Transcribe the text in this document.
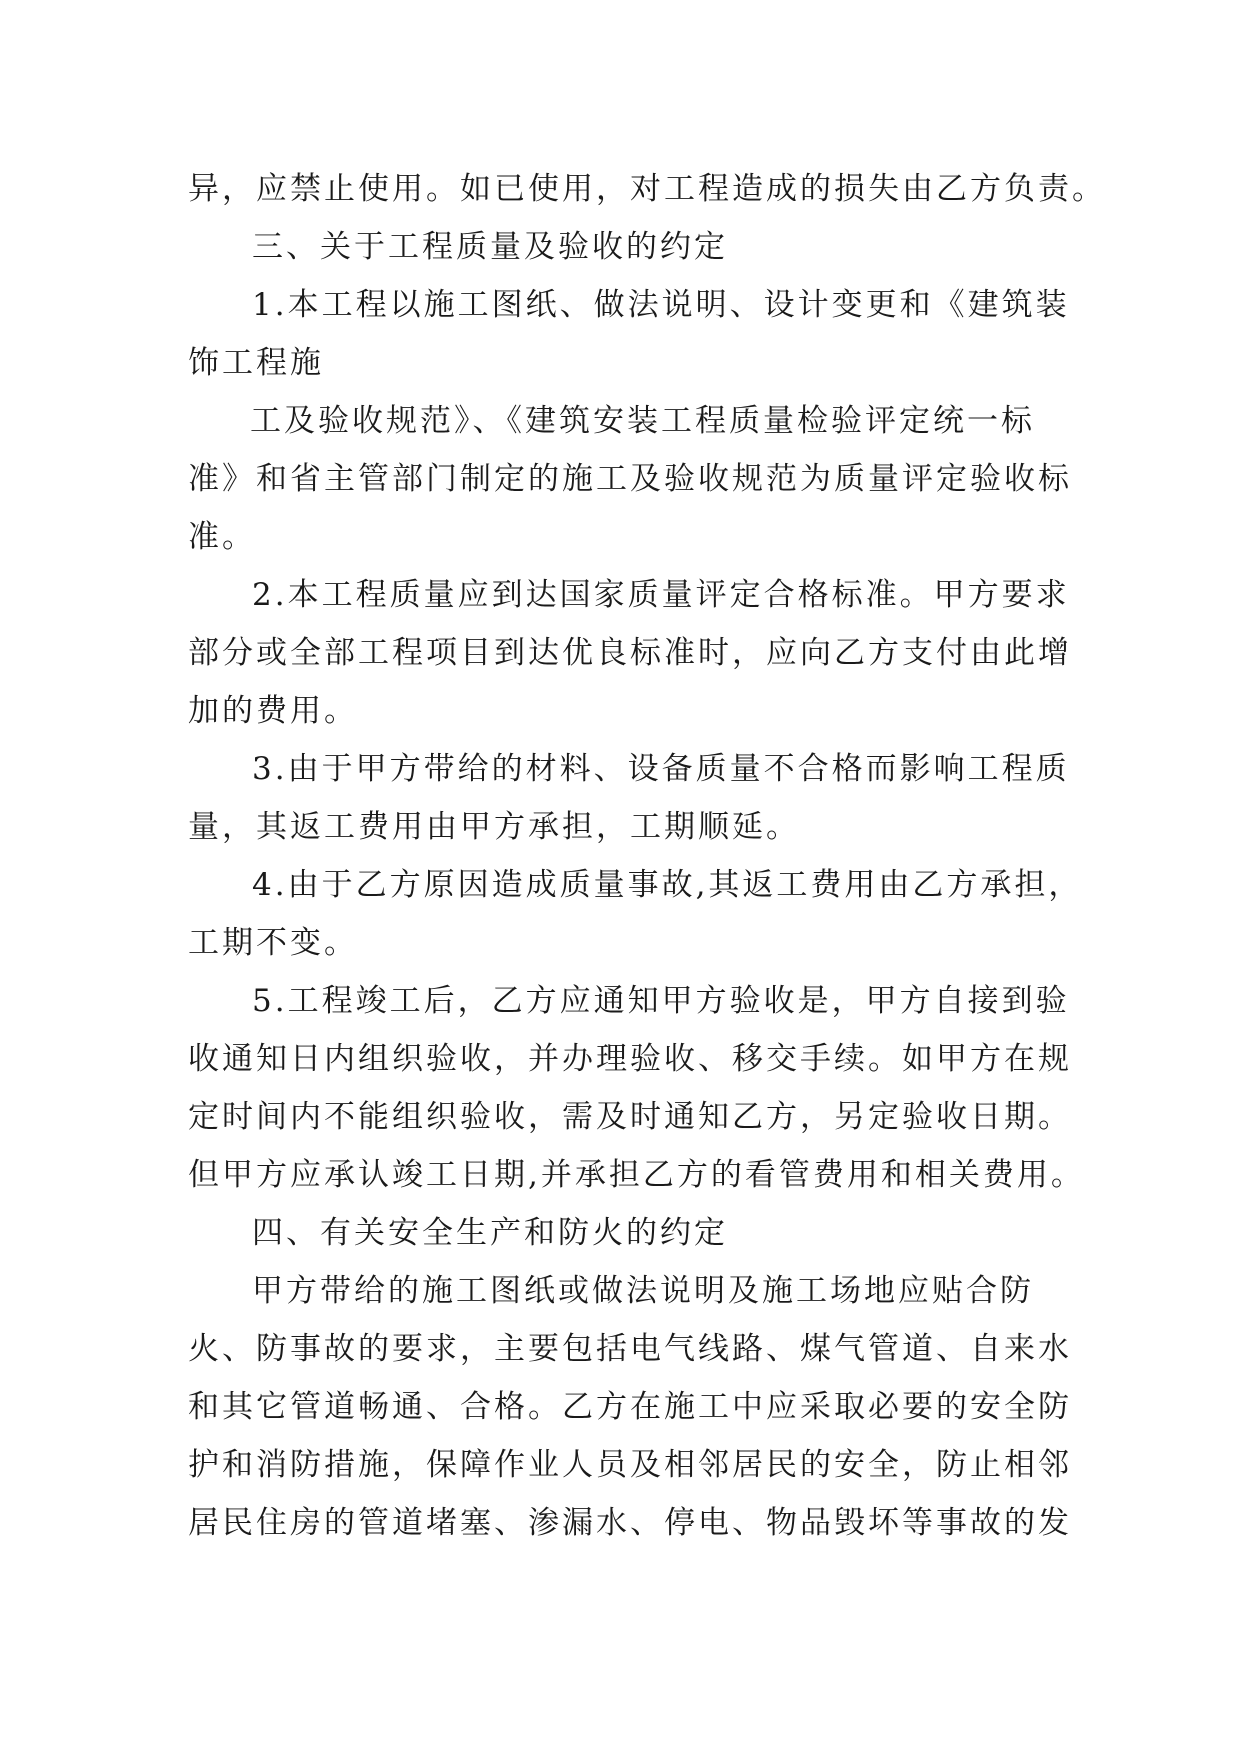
异，应禁止使用。如已使用，对工程造成的损失由乙方负责。
三、关于工程质量及验收的约定
1.本工程以施工图纸、做法说明、设计变更和《建筑装
饰工程施
工及验收规范》、《建筑安装工程质量检验评定统一标
准》和省主管部门制定的施工及验收规范为质量评定验收标
准。
2.本工程质量应到达国家质量评定合格标准。甲方要求
部分或全部工程项目到达优良标准时，应向乙方支付由此增
加的费用。
3.由于甲方带给的材料、设备质量不合格而影响工程质
量，其返工费用由甲方承担，工期顺延。
4.由于乙方原因造成质量事故,其返工费用由乙方承担，
工期不变。
5.工程竣工后，乙方应通知甲方验收是，甲方自接到验
收通知日内组织验收，并办理验收、移交手续。如甲方在规
定时间内不能组织验收，需及时通知乙方，另定验收日期。
但甲方应承认竣工日期,并承担乙方的看管费用和相关费用。
四、有关安全生产和防火的约定
甲方带给的施工图纸或做法说明及施工场地应贴合防
火、防事故的要求，主要包括电气线路、煤气管道、自来水
和其它管道畅通、合格。乙方在施工中应采取必要的安全防
护和消防措施，保障作业人员及相邻居民的安全，防止相邻
居民住房的管道堵塞、渗漏水、停电、物品毁坏等事故的发
